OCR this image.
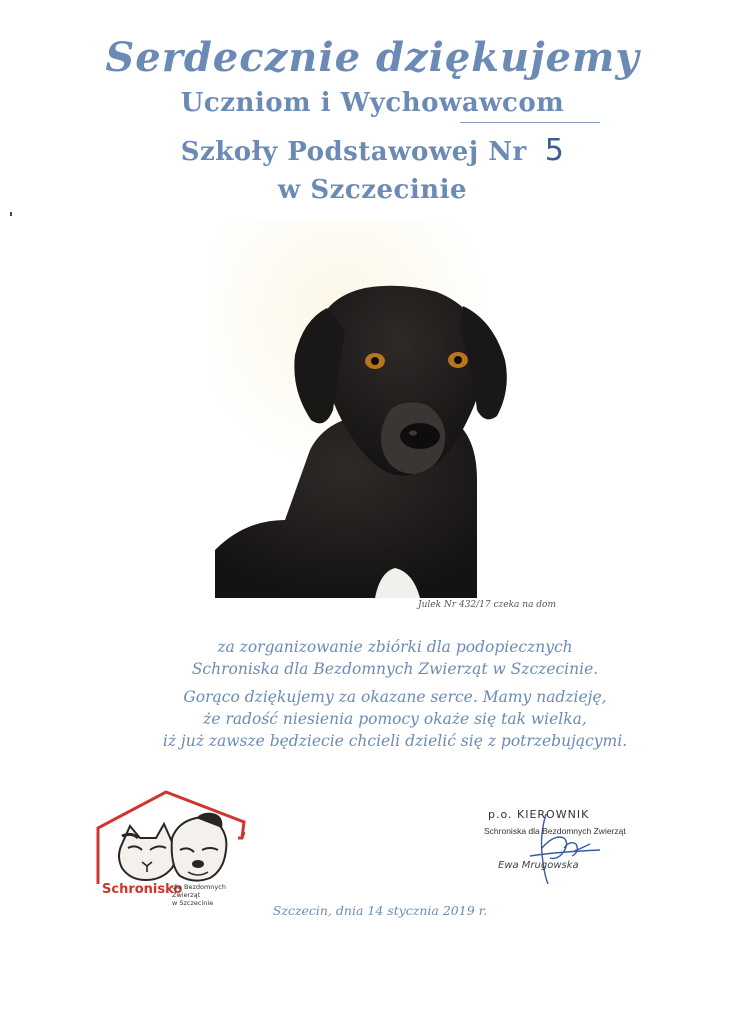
Serdecznie dziękujemy
Uczniom i Wychowawcom
Szkoły Podstawowej Nr 5
w Szczecinie
Julek Nr 432/17 czeka na dom
za zorganizowanie zbiórki dla podopiecznych
Schroniska dla Bezdomnych Zwierząt w Szczecinie.
Gorąco dziękujemy za okazane serce. Mamy nadzieję,
że radość niesienia pomocy okaże się tak wielka,
iż już zawsze będziecie chcieli dzielić się z potrzebującymi.
Schronisko
dla Bezdomnych Zwierząt
w Szczecinie
p.o. KIEROWNIK
Schroniska dla Bezdomnych Zwierząt
Ewa Mrugowska
Szczecin, dnia 14 stycznia 2019 r.
